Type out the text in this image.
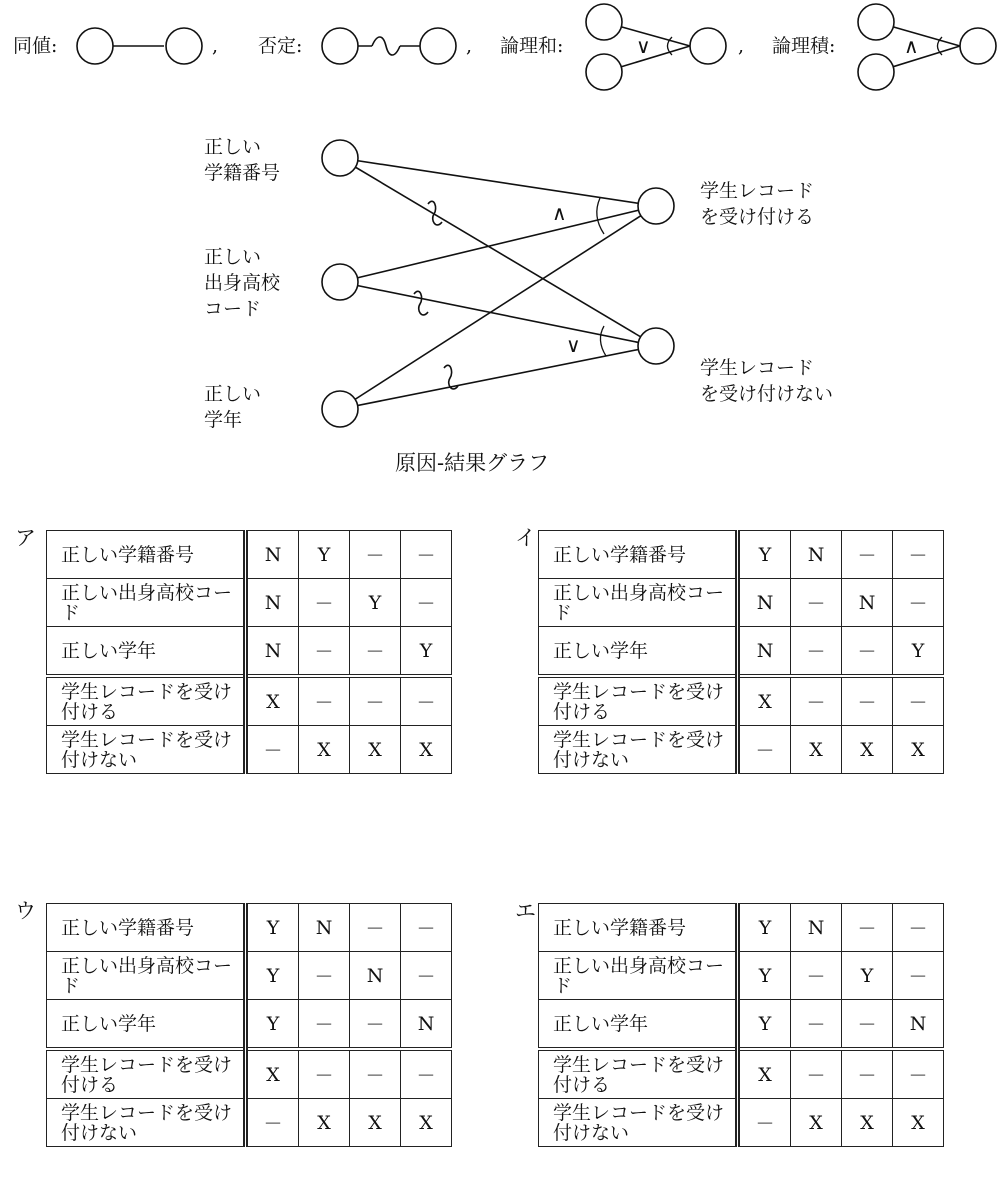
同値:	, 否定:	, 論理和:	, 論理積:
∨	∧
∧
∨
正しい
学籍番号
正しい
出身高校
コード
正しい
学年
学生レコード
を受け付ける
学生レコード
を受け付けない
原因-結果グラフ
ア
正しい学籍番号	N	Y	－	－
正しい出身高校コード	N	－	Y	－
正しい学年	N	－	－	Y
学生レコードを受け付ける	X	－	－	－
学生レコードを受け付けない	－	X	X	X
イ
正しい学籍番号	Y	N	－	－
正しい出身高校コード	N	－	N	－
正しい学年	N	－	－	Y
学生レコードを受け付ける	X	－	－	－
学生レコードを受け付けない	－	X	X	X
ウ
正しい学籍番号	Y	N	－	－
正しい出身高校コード	Y	－	N	－
正しい学年	Y	－	－	N
学生レコードを受け付ける	X	－	－	－
学生レコードを受け付けない	－	X	X	X
エ
正しい学籍番号	Y	N	－	－
正しい出身高校コード	Y	－	Y	－
正しい学年	Y	－	－	N
学生レコードを受け付ける	X	－	－	－
学生レコードを受け付けない	－	X	X	X
